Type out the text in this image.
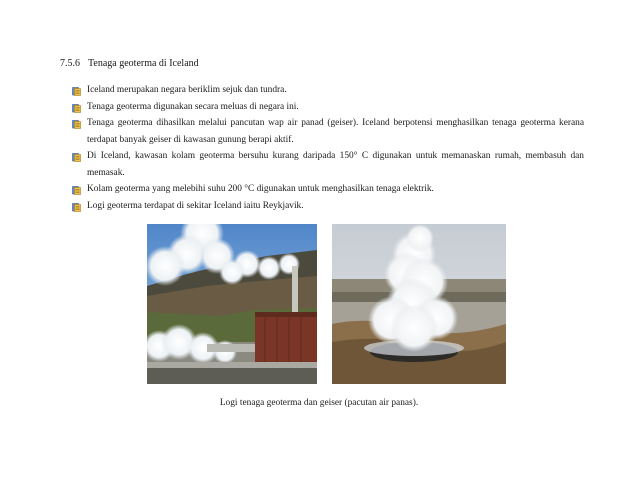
7.5.6 Tenaga geoterma di Iceland
Iceland merupakan negara beriklim sejuk dan tundra.
Tenaga geoterma digunakan secara meluas di negara ini.
Tenaga geoterma dihasilkan melalui pancutan wap air panad (geiser). Iceland berpotensi menghasilkan tenaga geoterma kerana terdapat banyak geiser di kawasan gunung berapi aktif.
Di Iceland, kawasan kolam geoterma bersuhu kurang daripada 150° C digunakan untuk memanaskan rumah, membasuh dan memasak.
Kolam geoterma yang melebihi suhu 200 °C digunakan untuk menghasilkan tenaga elektrik.
Logi geoterma terdapat di sekitar Iceland iaitu Reykjavik.
Logi tenaga geoterma dan geiser (pacutan air panas).
